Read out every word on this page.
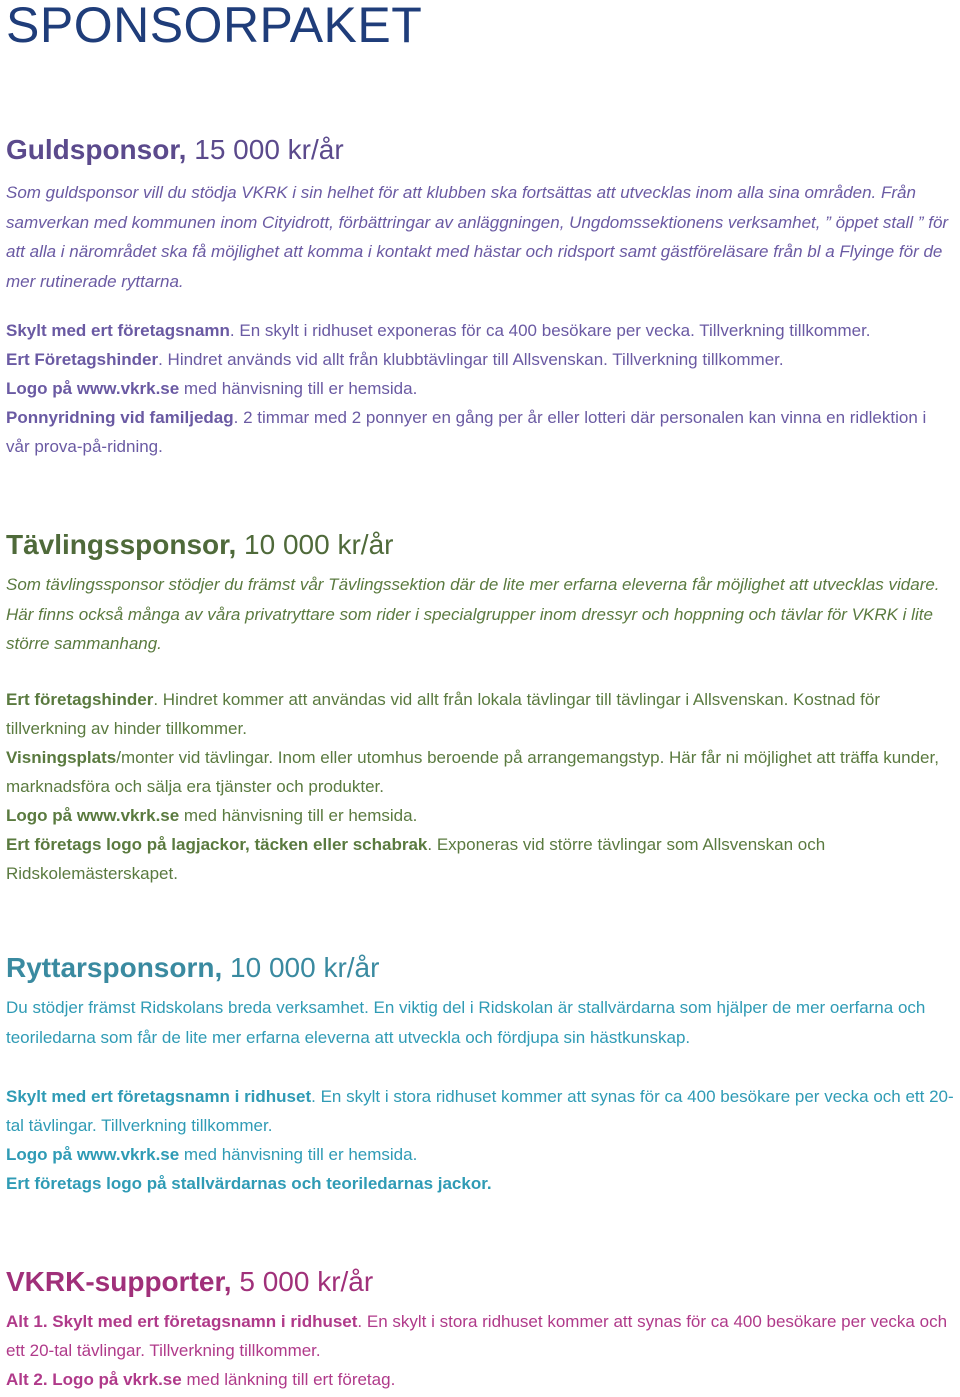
SPONSORPAKET
Guldsponsor, 15 000 kr/år

Som guldsponsor vill du stödja VKRK i sin helhet för att klubben ska fortsättas att utvecklas inom alla sina områden. Från samverkan med kommunen inom Cityidrott, förbättringar av anläggningen, Ungdomssektionens verksamhet, ” öppet stall ” för att alla i närområdet ska få möjlighet att komma i kontakt med hästar och ridsport samt gästföreläsare från bl a Flyinge för de mer rutinerade ryttarna.

Skylt med ert företagsnamn. En skylt i ridhuset exponeras för ca 400 besökare per vecka. Tillverkning tillkommer.
Ert Företagshinder. Hindret används vid allt från klubbtävlingar till Allsvenskan. Tillverkning tillkommer.
Logo på www.vkrk.se med hänvisning till er hemsida.
Ponnyridning vid familjedag. 2 timmar med 2 ponnyer en gång per år eller lotteri där personalen kan vinna en ridlektion i vår prova-på-ridning.

Tävlingssponsor, 10 000 kr/år

Som tävlingssponsor stödjer du främst vår Tävlingssektion där de lite mer erfarna eleverna får möjlighet att utvecklas vidare. Här finns också många av våra privatryttare som rider i specialgrupper inom dressyr och hoppning och tävlar för VKRK i lite större sammanhang.

Ert företagshinder. Hindret kommer att användas vid allt från lokala tävlingar till tävlingar i Allsvenskan. Kostnad för tillverkning av hinder tillkommer.
Visningsplats/monter vid tävlingar. Inom eller utomhus beroende på arrangemangstyp. Här får ni möjlighet att träffa kunder, marknadsföra och sälja era tjänster och produkter.
Logo på www.vkrk.se med hänvisning till er hemsida.
Ert företags logo på lagjackor, täcken eller schabrak. Exponeras vid större tävlingar som Allsvenskan och Ridskolemästerskapet.

Ryttarsponsorn, 10 000 kr/år

Du stödjer främst Ridskolans breda verksamhet. En viktig del i Ridskolan är stallvärdarna som hjälper de mer oerfarna och teoriledarna som får de lite mer erfarna eleverna att utveckla och fördjupa sin hästkunskap.

Skylt med ert företagsnamn i ridhuset. En skylt i stora ridhuset kommer att synas för ca 400 besökare per vecka och ett 20-tal tävlingar. Tillverkning tillkommer.
Logo på www.vkrk.se med hänvisning till er hemsida.
Ert företags logo på stallvärdarnas och teoriledarnas jackor.

VKRK-supporter, 5 000 kr/år

Alt 1. Skylt med ert företagsnamn i ridhuset. En skylt i stora ridhuset kommer att synas för ca 400 besökare per vecka och ett 20-tal tävlingar. Tillverkning tillkommer.
Alt 2. Logo på vkrk.se med länkning till ert företag.
